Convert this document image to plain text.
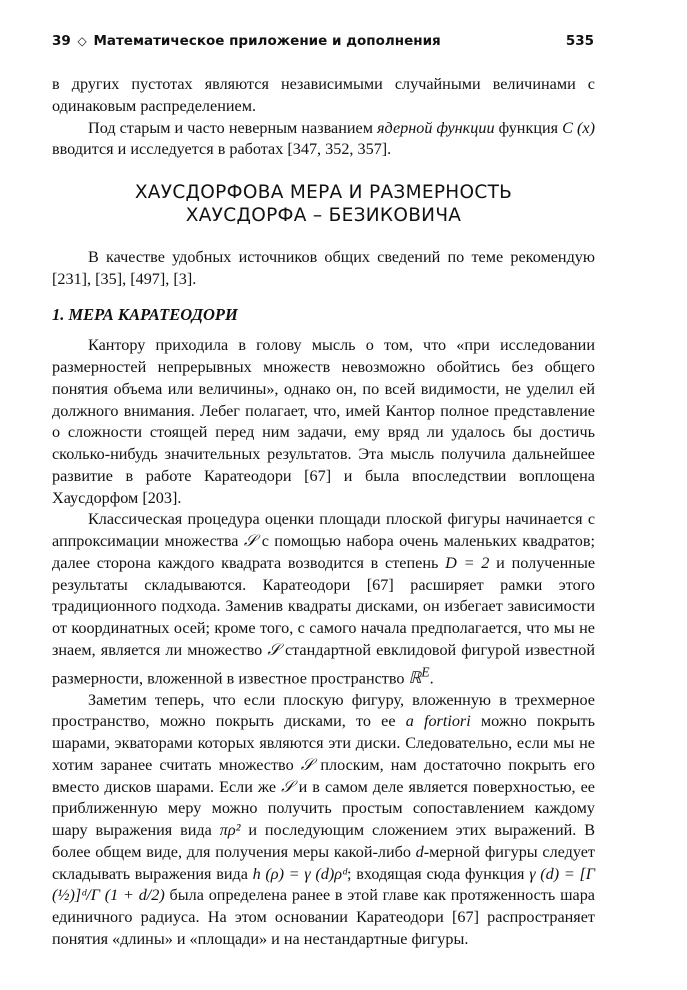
39 ◇ Математическое приложение и дополнения	535

в других пустотах являются независимыми случайными величинами с одинаковым распределением.

Под старым и часто неверным названием ядерной функции функция C (x) вводится и исследуется в работах [347, 352, 357].

ХАУСДОРФОВА МЕРА И РАЗМЕРНОСТЬ
ХАУСДОРФА – БЕЗИКОВИЧА

В качестве удобных источников общих сведений по теме рекомендую [231], [35], [497], [3].

1. МЕРА КАРАТЕОДОРИ

Кантору приходила в голову мысль о том, что «при исследовании размерностей непрерывных множеств невозможно обойтись без общего понятия объема или величины», однако он, по всей видимости, не уделил ей должного внимания. Лебег полагает, что, имей Кантор полное представление о сложности стоящей перед ним задачи, ему вряд ли удалось бы достичь сколько-нибудь значительных результатов. Эта мысль получила дальнейшее развитие в работе Каратеодори [67] и была впоследствии воплощена Хаусдорфом [203].

Классическая процедура оценки площади плоской фигуры начинается с аппроксимации множества 𝒮 с помощью набора очень маленьких квадратов; далее сторона каждого квадрата возводится в степень D = 2 и полученные результаты складываются. Каратеодори [67] расширяет рамки этого традиционного подхода. Заменив квадраты дисками, он избегает зависимости от координатных осей; кроме того, с самого начала предполагается, что мы не знаем, является ли множество 𝒮 стандартной евклидовой фигурой известной размерности, вложенной в известное пространство ℝ$^E$.

Заметим теперь, что если плоскую фигуру, вложенную в трехмерное пространство, можно покрыть дисками, то ее a fortiori можно покрыть шарами, экваторами которых являются эти диски. Следовательно, если мы не хотим заранее считать множество 𝒮 плоским, нам достаточно покрыть его вместо дисков шарами. Если же 𝒮 и в самом деле является поверхностью, ее приближенную меру можно получить простым сопоставлением каждому шару выражения вида πρ² и последующим сложением этих выражений. В более общем виде, для получения меры какой-либо d-мерной фигуры следует складывать выражения вида h (ρ) = γ (d)ρᵈ; входящая сюда функция γ (d) = [Γ (½)]ᵈ/Γ (1 + d/2) была определена ранее в этой главе как протяженность шара единичного радиуса. На этом основании Каратеодори [67] распространяет понятия «длины» и «площади» и на нестандартные фигуры.
